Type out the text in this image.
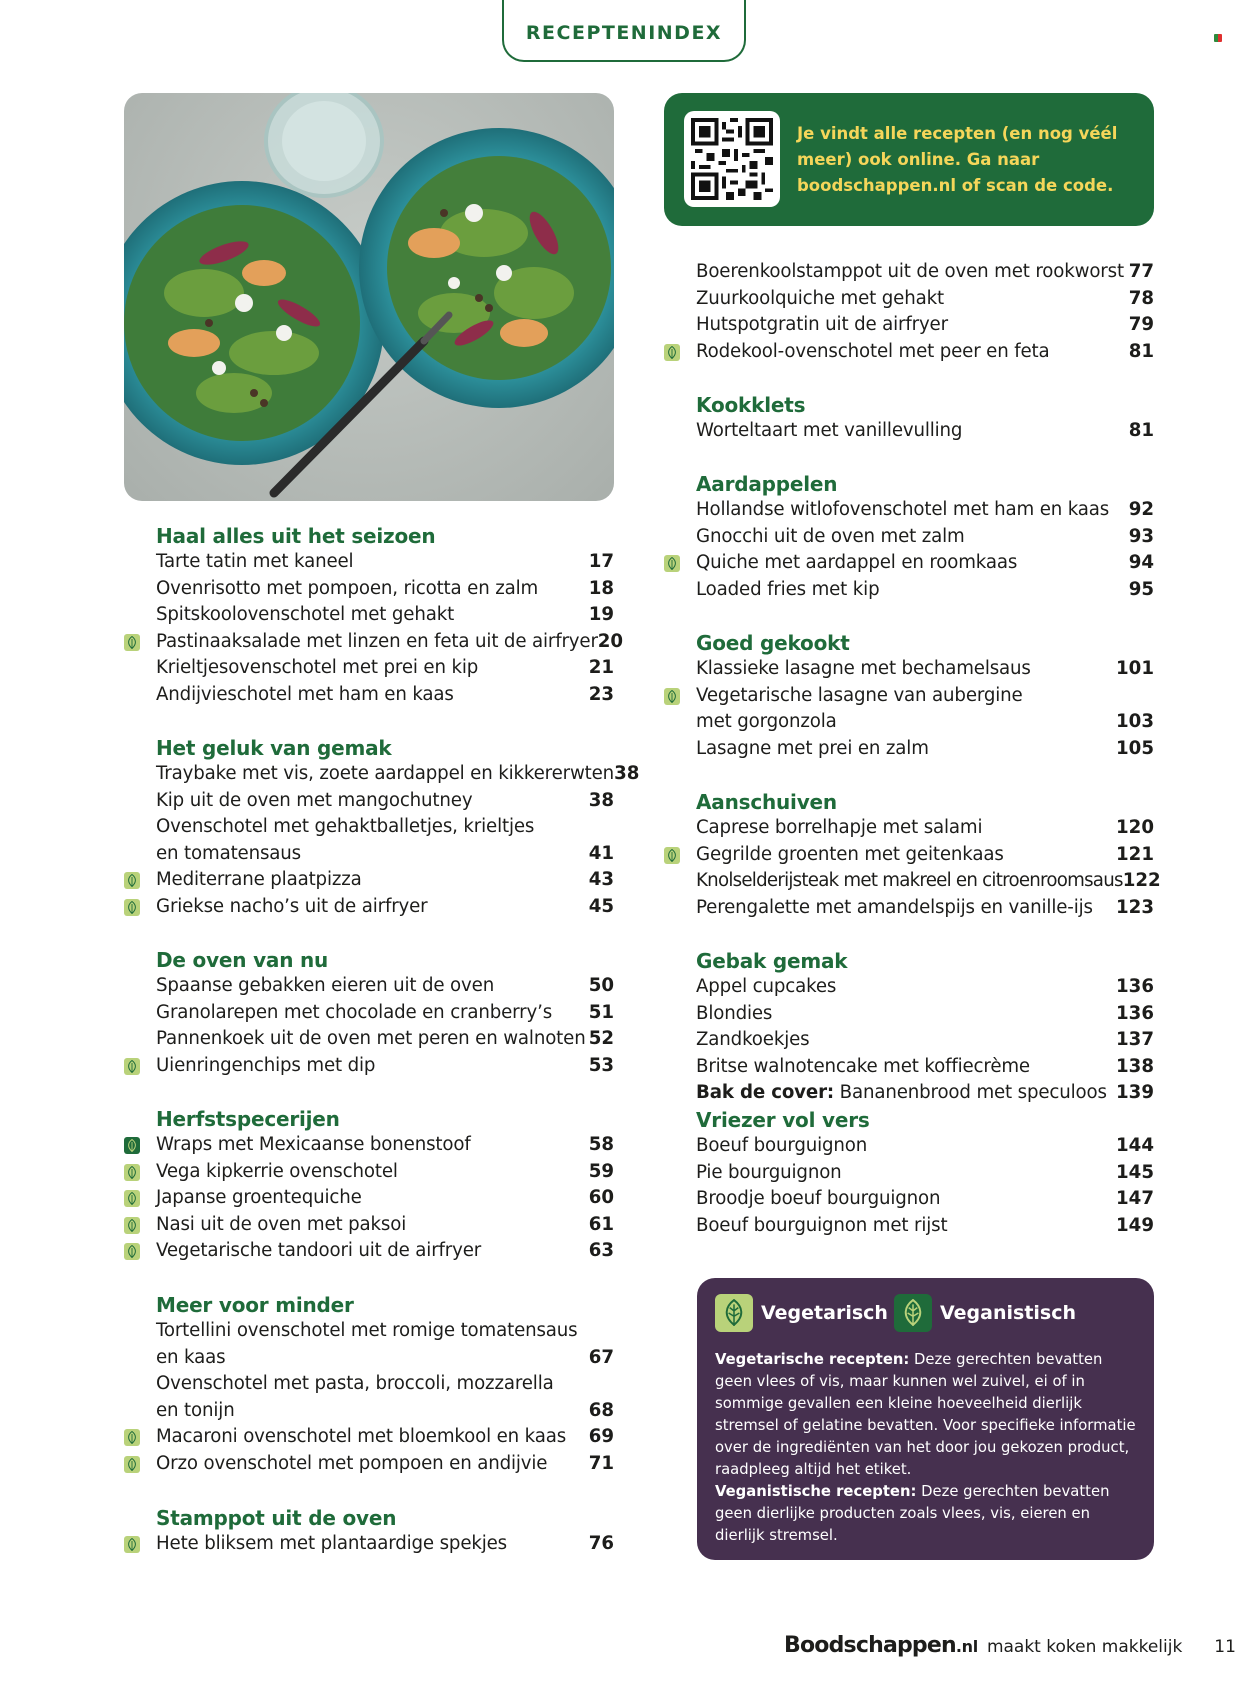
RECEPTENINDEX
Je vindt alle recepten (en nog véél meer) ook online. Ga naar boodschappen.nl of scan de code.
Haal alles uit het seizoen
Tarte tatin met kaneel	17
Ovenrisotto met pompoen, ricotta en zalm	18
Spitskoolovenschotel met gehakt	19
Pastinaaksalade met linzen en feta uit de airfryer 20
Krieltjesovenschotel met prei en kip	21
Andijvieschotel met ham en kaas	23
Het geluk van gemak
Traybake met vis, zoete aardappel en kikkererwten 38
Kip uit de oven met mangochutney	38
Ovenschotel met gehaktballetjes, krieltjes
en tomatensaus	41
Mediterrane plaatpizza	43
Griekse nacho’s uit de airfryer	45
De oven van nu
Spaanse gebakken eieren uit de oven	50
Granolarepen met chocolade en cranberry’s 51
Pannenkoek uit de oven met peren en walnoten 52
Uienringenchips met dip	53
Herfstspecerijen
Wraps met Mexicaanse bonenstoof	58
Vega kipkerrie ovenschotel	59
Japanse groentequiche	60
Nasi uit de oven met paksoi	61
Vegetarische tandoori uit de airfryer	63
Meer voor minder
Tortellini ovenschotel met romige tomatensaus
en kaas	67
Ovenschotel met pasta, broccoli, mozzarella
en tonijn	68
Macaroni ovenschotel met bloemkool en kaas 69
Orzo ovenschotel met pompoen en andijvie 71
Stamppot uit de oven
Hete bliksem met plantaardige spekjes	76
Boerenkoolstamppot uit de oven met rookworst 77
Zuurkoolquiche met gehakt	78
Hutspotgratin uit de airfryer	79
Rodekool-ovenschotel met peer en feta	81
Kookklets
Worteltaart met vanillevulling	81
Aardappelen
Hollandse witlofovenschotel met ham en kaas 92
Gnocchi uit de oven met zalm	93
Quiche met aardappel en roomkaas	94
Loaded fries met kip	95
Goed gekookt
Klassieke lasagne met bechamelsaus	101
Vegetarische lasagne van aubergine
met gorgonzola	103
Lasagne met prei en zalm	105
Aanschuiven
Caprese borrelhapje met salami	120
Gegrilde groenten met geitenkaas	121
Knolselderijsteak met makreel en citroenroomsaus 122
Perengalette met amandelspijs en vanille-ijs 123
Gebak gemak
Appel cupcakes	136
Blondies	136
Zandkoekjes	137
Britse walnotencake met koffiecrème	138
Bak de cover: Bananenbrood met speculoos 139
Vriezer vol vers
Boeuf bourguignon	144
Pie bourguignon	145
Broodje boeuf bourguignon	147
Boeuf bourguignon met rijst	149
Vegetarisch	Veganistisch
Vegetarische recepten: Deze gerechten bevatten geen vlees of vis, maar kunnen wel zuivel, ei of in sommige gevallen een kleine hoeveelheid dierlijk stremsel of gelatine bevatten. Voor specifieke informatie over de ingrediënten van het door jou gekozen product, raadpleeg altijd het etiket.
Veganistische recepten: Deze gerechten bevatten geen dierlijke producten zoals vlees, vis, eieren en dierlijk stremsel.
Boodschappen.nl maakt koken makkelijk 11
